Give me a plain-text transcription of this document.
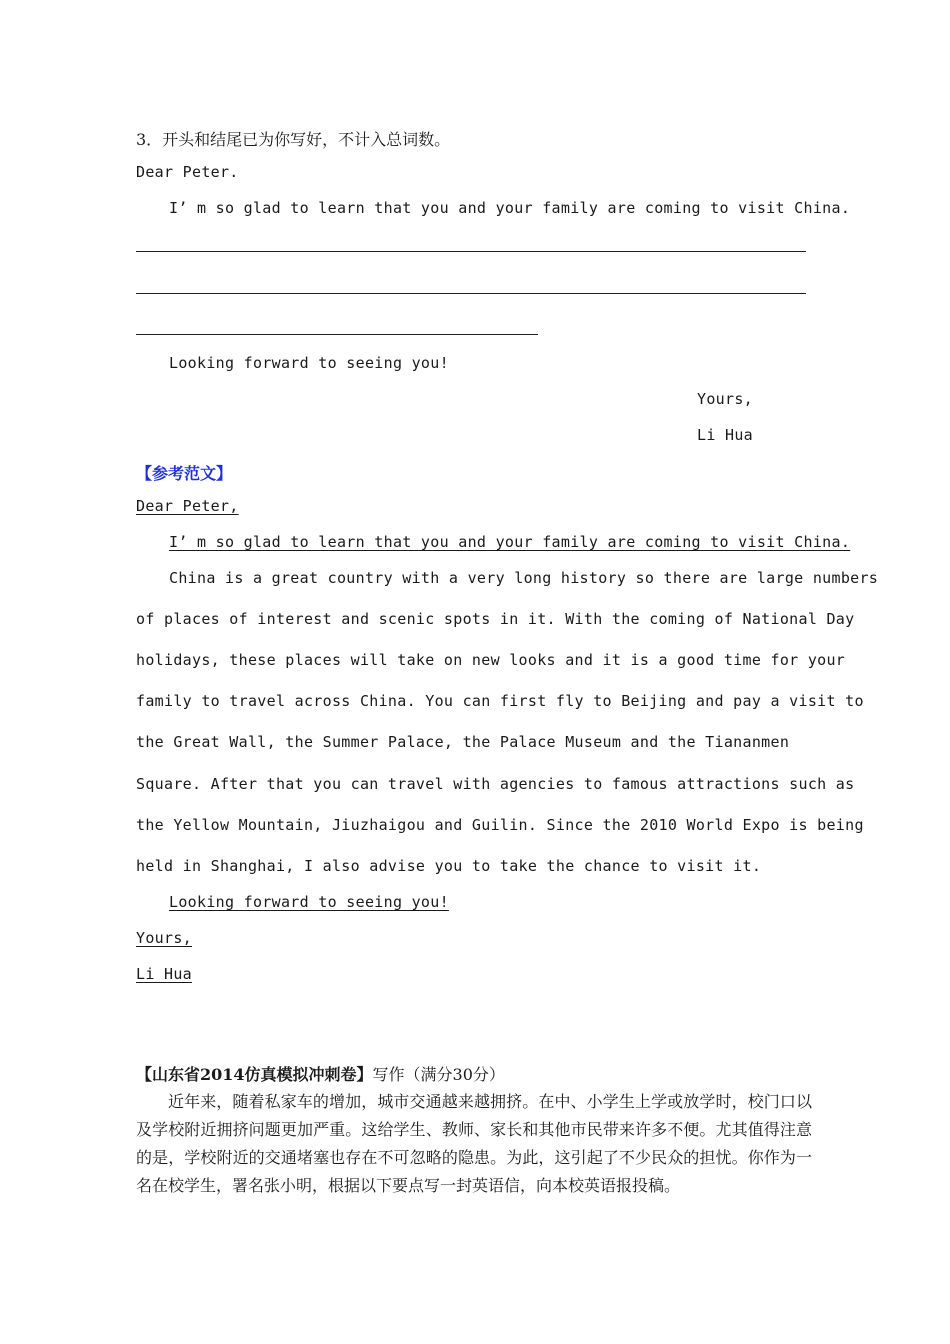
3．开头和结尾已为你写好，不计入总词数。
Dear Peter.
I’ m so glad to learn that you and your family are coming to visit China.
Looking forward to seeing you!
Yours,
Li Hua
【参考范文】
Dear Peter,
I’ m so glad to learn that you and your family are coming to visit China.
China is a great country with a very long history so there are large numbers
of places of interest and scenic spots in it. With the coming of National Day
holidays, these places will take on new looks and it is a good time for your
family to travel across China. You can first fly to Beijing and pay a visit to
the Great Wall, the Summer Palace, the Palace Museum and the Tiananmen
Square. After that you can travel with agencies to famous attractions such as
the Yellow Mountain, Jiuzhaigou and Guilin. Since the 2010 World Expo is being
held in Shanghai, I also advise you to take the chance to visit it.
Looking forward to seeing you!
Yours,
Li Hua
【山东省2014仿真模拟冲刺卷】写作（满分30分）
近年来，随着私家车的增加，城市交通越来越拥挤。在中、小学生上学或放学时，校门口以及学校附近拥挤问题更加严重。这给学生、教师、家长和其他市民带来许多不便。尤其值得注意的是，学校附近的交通堵塞也存在不可忽略的隐患。为此，这引起了不少民众的担忧。你作为一名在校学生，署名张小明，根据以下要点写一封英语信，向本校英语报投稿。
